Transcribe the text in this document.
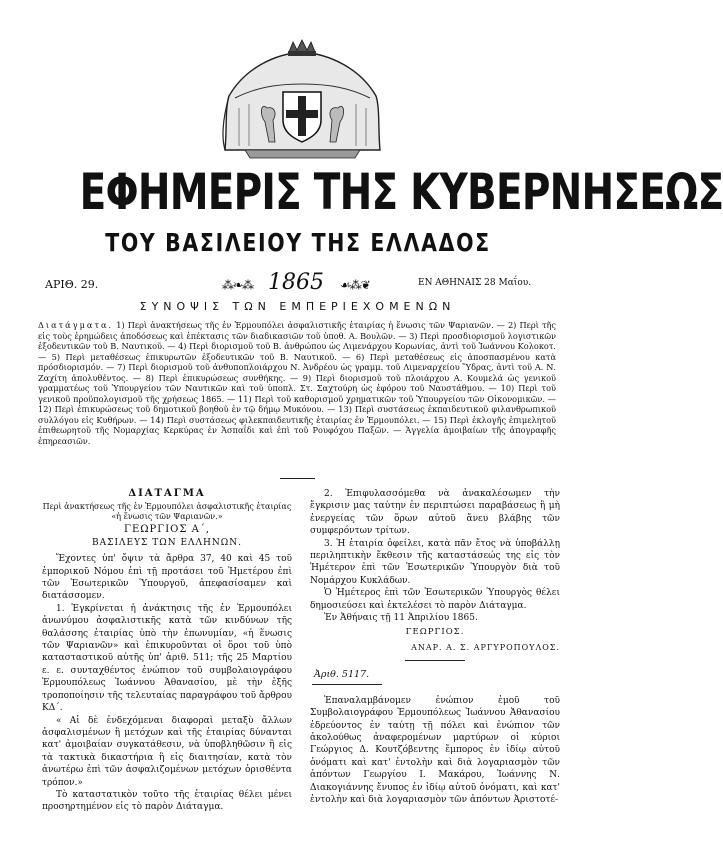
ΕΦΗΜΕΡΙΣ ΤΗΣ ΚΥΒΕΡΝΗΣΕΩΣ
ΤΟΥ ΒΑΣΙΛΕΙΟΥ ΤΗΣ ΕΛΛΑΔΟΣ
ΑΡΙΘ. 29.	⁂❧⁂ 1865 ☙⁂❦	ΕΝ ΑΘΗΝΑΙΣ 28 Μαΐου.
ΣΥΝΟΨΙΣ ΤΩΝ ΕΜΠΕΡΙΕΧΟΜΕΝΩΝ
Διατάγματα. 1) Περὶ ἀνακτήσεως τῆς ἐν Ἑρμουπόλει ἀσφαλιστικῆς ἑταιρίας ἡ ἕνωσις τῶν Ψαριανῶν. — 2) Περὶ τῆς εἰς τοὺς ἐρημώδεις ἀποδόσεως καὶ ἐπέκτασις τῶν διαδικασιῶν τοῦ ὑποθ. Α. Βουλῶν. — 3) Περὶ προσδιορισμοῦ λογιστικῶν ἐξοδευτικῶν τοῦ Β. Ναυτικοῦ. — 4) Περὶ διορισμοῦ τοῦ Β. ἀνθρώπου ὡς Λιμενάρχου Κορωνίας, ἀντὶ τοῦ Ἰωάννου Κολοκοτ. — 5) Περὶ μεταθέσεως ἐπικυρωτῶν ἐξοδευτικῶν τοῦ Β. Ναυτικοῦ. — 6) Περὶ μεταθέσεως εἰς ἀποσπασμένου κατὰ πρόσδιορισμόν. — 7) Περὶ διορισμοῦ τοῦ ἀνθυποπλοιάρχου Ν. Ἀνδρέου ὡς γραμμ. τοῦ Λιμεναρχείου Ὕδρας, ἀντὶ τοῦ Α. Ν. Ζαχίτη ἀπολυθέντος. — 8) Περὶ ἐπικυρώσεως συνθήκης. — 9) Περὶ διορισμοῦ τοῦ πλοιάρχου Α. Κουμελά ὡς γενικοῦ γραμματέως τοῦ Ὑπουργείου τῶν Ναυτικῶν καὶ τοῦ ὑποπλ. Στ. Σαχτούρη ὡς ἐφόρου τοῦ Ναυστάθμου. — 10) Περὶ τοῦ γενικοῦ προϋπολογισμοῦ τῆς χρήσεως 1865. — 11) Περὶ τοῦ καθορισμοῦ χρηματικῶν τοῦ Ὑπουργείου τῶν Οἰκονομικῶν. — 12) Περὶ ἐπικυρώσεως τοῦ δημοτικοῦ βοηθοῦ ἐν τῷ δήμῳ Μυκόνου. — 13) Περὶ συστάσεως ἐκπαιδευτικοῦ φιλανθρωπικοῦ συλλόγου εἰς Κυθήρων. — 14) Περὶ συστάσεως φιλεκπαιδευτικῆς ἑταιρίας ἐν Ἑρμουπόλει. — 15) Περὶ ἐκλογῆς ἐπιμελητοῦ ἐπιθεωρητοῦ τῆς Νομαρχίας Κερκύρας ἐν Ἀσπαΐδι καὶ ἐπὶ τοῦ Ρουφόχου Παξῶν. — Ἀγγελία ἀμοιβαίων τῆς ἀπογραφῆς ἐπηρεασιῶν.

ΔΙΑΤΑΓΜΑ

Περὶ ἀνακτήσεως τῆς ἐν Ἑρμουπόλει ἀσφαλιστικῆς ἑταιρίας «ἡ ἕνωσις τῶν Ψαριανῶν.»

ΓΕΩΡΓΙΟΣ Α΄,

ΒΑΣΙΛΕΥΣ ΤΩΝ ΕΛΛΗΝΩΝ.

Ἔχοντες ὑπ' ὄψιν τὰ ἄρθρα 37, 40 καὶ 45 τοῦ ἐμπορικοῦ Νόμου ἐπὶ τῇ προτάσει τοῦ Ἡμετέρου ἐπὶ τῶν Ἐσωτερικῶν Ὑπουργοῦ, ἀπεφασίσαμεν καὶ διατάσσομεν.

1. Ἐγκρίνεται ἡ ἀνάκτησις τῆς ἐν Ἑρμουπόλει ἀνωνύμου ἀσφαλιστικῆς κατὰ τῶν κινδύνων τῆς θαλάσσης ἑταιρίας ὑπὸ τὴν ἐπωνυμίαν, «ἡ ἕνωσις τῶν Ψαριανῶν» καὶ ἐπικυροῦνται οἱ ὅροι τοῦ ὑπὸ κατασταστικοῦ αὐτῆς ὑπ' ἀριθ. 511; τῆς 25 Μαρτίου ε. ε. συνταχθέντος ἐνώπιον τοῦ συμβολαιογράφου Ἑρμουπόλεως Ἰωάννου Ἀθανασίου, μὲ τὴν ἑξῆς τροποποίησιν τῆς τελευταίας παραγράφου τοῦ ἄρθρου ΚΔ΄.

« Αἱ δὲ ἐνδεχόμεναι διαφοραὶ μεταξὺ ἄλλων ἀσφαλισμένων ἢ μετόχων καὶ τῆς ἑταιρίας δύνανται κατ' ἀμοιβαίαν συγκατάθεσιν, νὰ ὑποβληθῶσιν ἢ εἰς τὰ τακτικὰ δικαστήρια ἢ εἰς διαιτησίαν, κατὰ τὸν ἀνωτέρω ἐπὶ τῶν ἀσφαλιζομένων μετόχων ὁρισθέντα τρόπον.»

Τὸ καταστατικὸν τοῦτο τῆς ἑταιρίας θέλει μένει προσηρτημένον εἰς τὸ παρὸν Διάταγμα.

2. Ἐπιφυλασσόμεθα νὰ ἀνακαλέσωμεν τὴν ἔγκρισιν μας ταύτην ἐν περιπτώσει παραβάσεως ἢ μὴ ἐνεργείας τῶν ὅρων αὐτοῦ ἄνευ βλάβης τῶν συμφερόντων τρίτων.

3. Ἡ ἑταιρία ὀφείλει, κατὰ πᾶν ἔτος νὰ ὑποβάλλῃ περιληπτικὴν ἔκθεσιν τῆς καταστάσεώς της εἰς τὸν Ἡμέτερον ἐπὶ τῶν Ἐσωτερικῶν Ὑπουργὸν διὰ τοῦ Νομάρχου Κυκλάδων.

Ὁ Ἡμέτερος ἐπὶ τῶν Ἐσωτερικῶν Ὑπουργὸς θέλει δημοσιεύσει καὶ ἐκτελέσει τὸ παρὸν Διάταγμα.

Ἐν Ἀθήναις τῇ 11 Ἀπριλίου 1865.

ΓΕΩΡΓΙΟΣ.

ΑΝΑΡ. Α. Σ. ΑΡΓΥΡΟΠΟΥΛΟΣ.

Ἀριθ. 5117.

Ἐπαναλαμβάνομεν ἐνώπιον ἐμοῦ τοῦ Συμβολαιογράφου Ἑρμουπόλεως Ἰωάννου Ἀθανασίου ἐδρεύοντος ἐν ταύτῃ τῇ πόλει καὶ ἐνώπιον τῶν ἀκολούθως ἀναφερομένων μαρτύρων οἱ κύριοι Γεώργιος Δ. Κουτζόβεντης ἔμπορος ἐν ἰδίῳ αὐτοῦ ὀνόματι καὶ κατ' ἐντολὴν καὶ διὰ λογαριασμὸν τῶν ἀπόντων Γεωργίου Ι. Μακάρου, Ἰωάννης Ν. Διακογιάννης ἔνυπος ἐν ἰδίῳ αὐτοῦ ὀνόματι, καὶ κατ' ἐντολὴν καὶ διὰ λογαριασμὸν τῶν ἀπόντων Ἀριστοτέ-
